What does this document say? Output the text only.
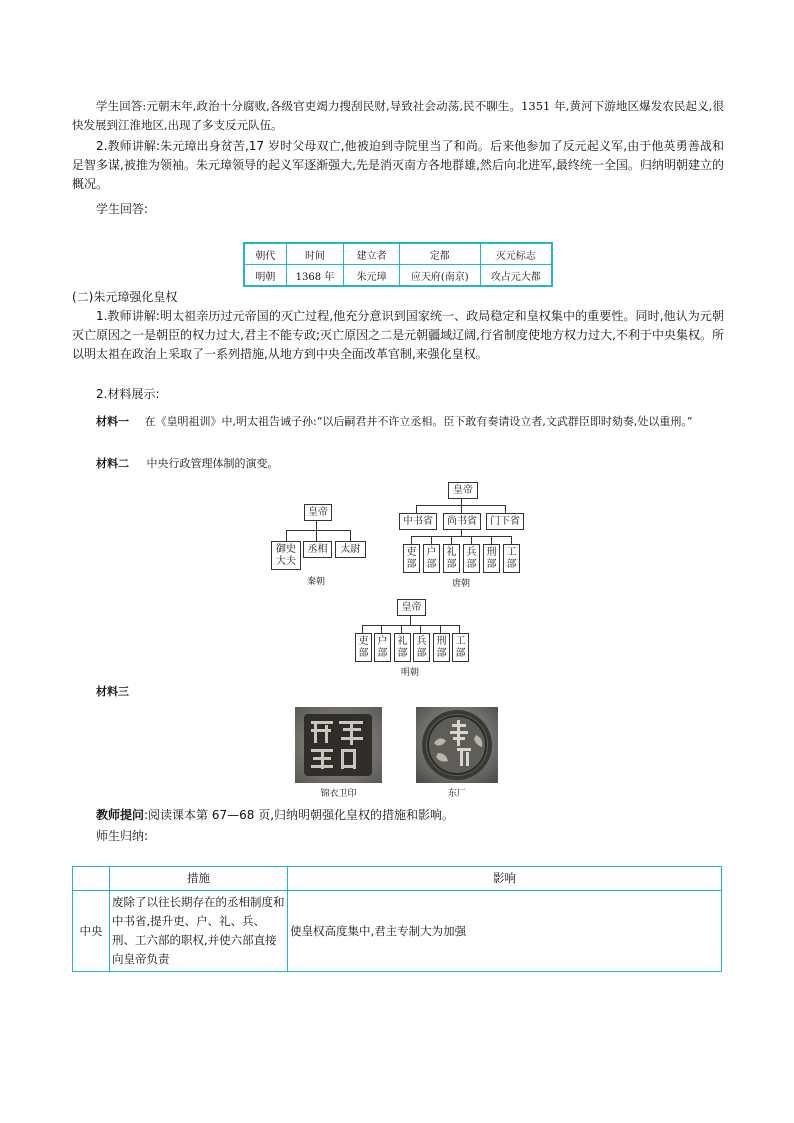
学生回答:元朝末年,政治十分腐败,各级官吏竭力搜刮民财,导致社会动荡,民不聊生。1351 年,黄河下游地区爆发农民起义,很快发展到江淮地区,出现了多支反元队伍。
2.教师讲解:朱元璋出身贫苦,17 岁时父母双亡,他被迫到寺院里当了和尚。后来他参加了反元起义军,由于他英勇善战和足智多谋,被推为领袖。朱元璋领导的起义军逐渐强大,先是消灭南方各地群雄,然后向北进军,最终统一全国。归纳明朝建立的概况。
学生回答:
朝代	时间	建立者	定都	灭元标志
明朝	1368 年	朱元璋	应天府(南京)	攻占元大都
(二)朱元璋强化皇权
1.教师讲解:明太祖亲历过元帝国的灭亡过程,他充分意识到国家统一、政局稳定和皇权集中的重要性。同时,他认为元朝灭亡原因之一是朝臣的权力过大,君主不能专政;灭亡原因之二是元朝疆域辽阔,行省制度使地方权力过大,不利于中央集权。所以明太祖在政治上采取了一系列措施,从地方到中央全面改革官制,来强化皇权。
2.材料展示:
材料一 在《皇明祖训》中,明太祖告诫子孙:“以后嗣君并不许立丞相。臣下敢有奏请设立者,文武群臣即时劾奏,处以重刑。”
材料二 中央行政管理体制的演变。
皇帝
御史
大夫
丞相	太尉
秦朝
皇帝
中书省	尚书省	门下省
吏
部
户
部
礼
部
兵
部
刑
部
工
部
唐朝
皇帝
吏
部
户
部
礼
部
兵
部
刑
部
工
部
明朝
材料三
锦衣卫印	东厂
教师提问:阅读课本第 67—68 页,归纳明朝强化皇权的措施和影响。
师生归纳:
	措施	影响
中央	废除了以往长期存在的丞相制度和中书省,提升吏、户、礼、兵、刑、工六部的职权,并使六部直接向皇帝负责	使皇权高度集中,君主专制大为加强
